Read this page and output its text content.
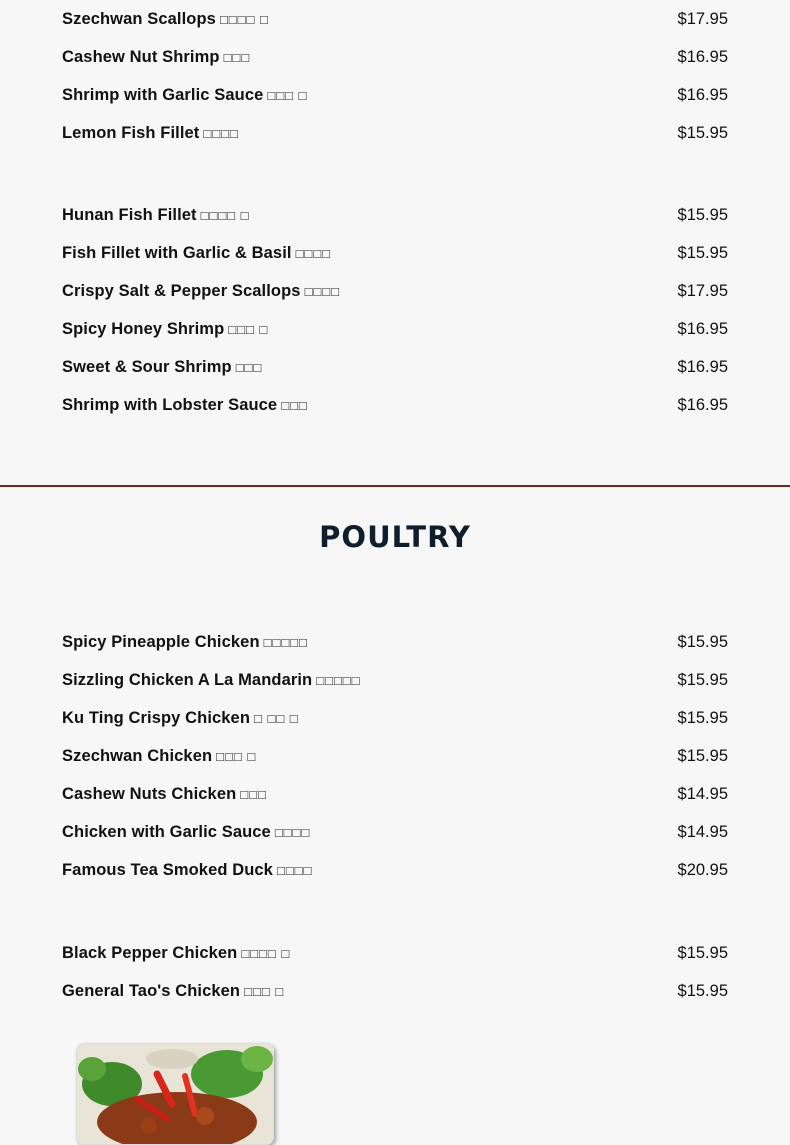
Szechwan Scallops □□□□ □	$17.95
Cashew Nut Shrimp □□□	$16.95
Shrimp with Garlic Sauce □□□ □	$16.95
Lemon Fish Fillet □□□□	$15.95
Hunan Fish Fillet □□□□ □	$15.95
Fish Fillet with Garlic & Basil □□□□	$15.95
Crispy Salt & Pepper Scallops □□□□	$17.95
Spicy Honey Shrimp □□□ □	$16.95
Sweet & Sour Shrimp □□□	$16.95
Shrimp with Lobster Sauce □□□	$16.95
POULTRY
Spicy Pineapple Chicken □□□□□	$15.95
Sizzling Chicken A La Mandarin □□□□□	$15.95
Ku Ting Crispy Chicken □ □□ □	$15.95
Szechwan Chicken □□□ □	$15.95
Cashew Nuts Chicken □□□	$14.95
Chicken with Garlic Sauce □□□□	$14.95
Famous Tea Smoked Duck □□□□	$20.95
Black Pepper Chicken □□□□ □	$15.95
General Tao's Chicken □□□ □	$15.95
